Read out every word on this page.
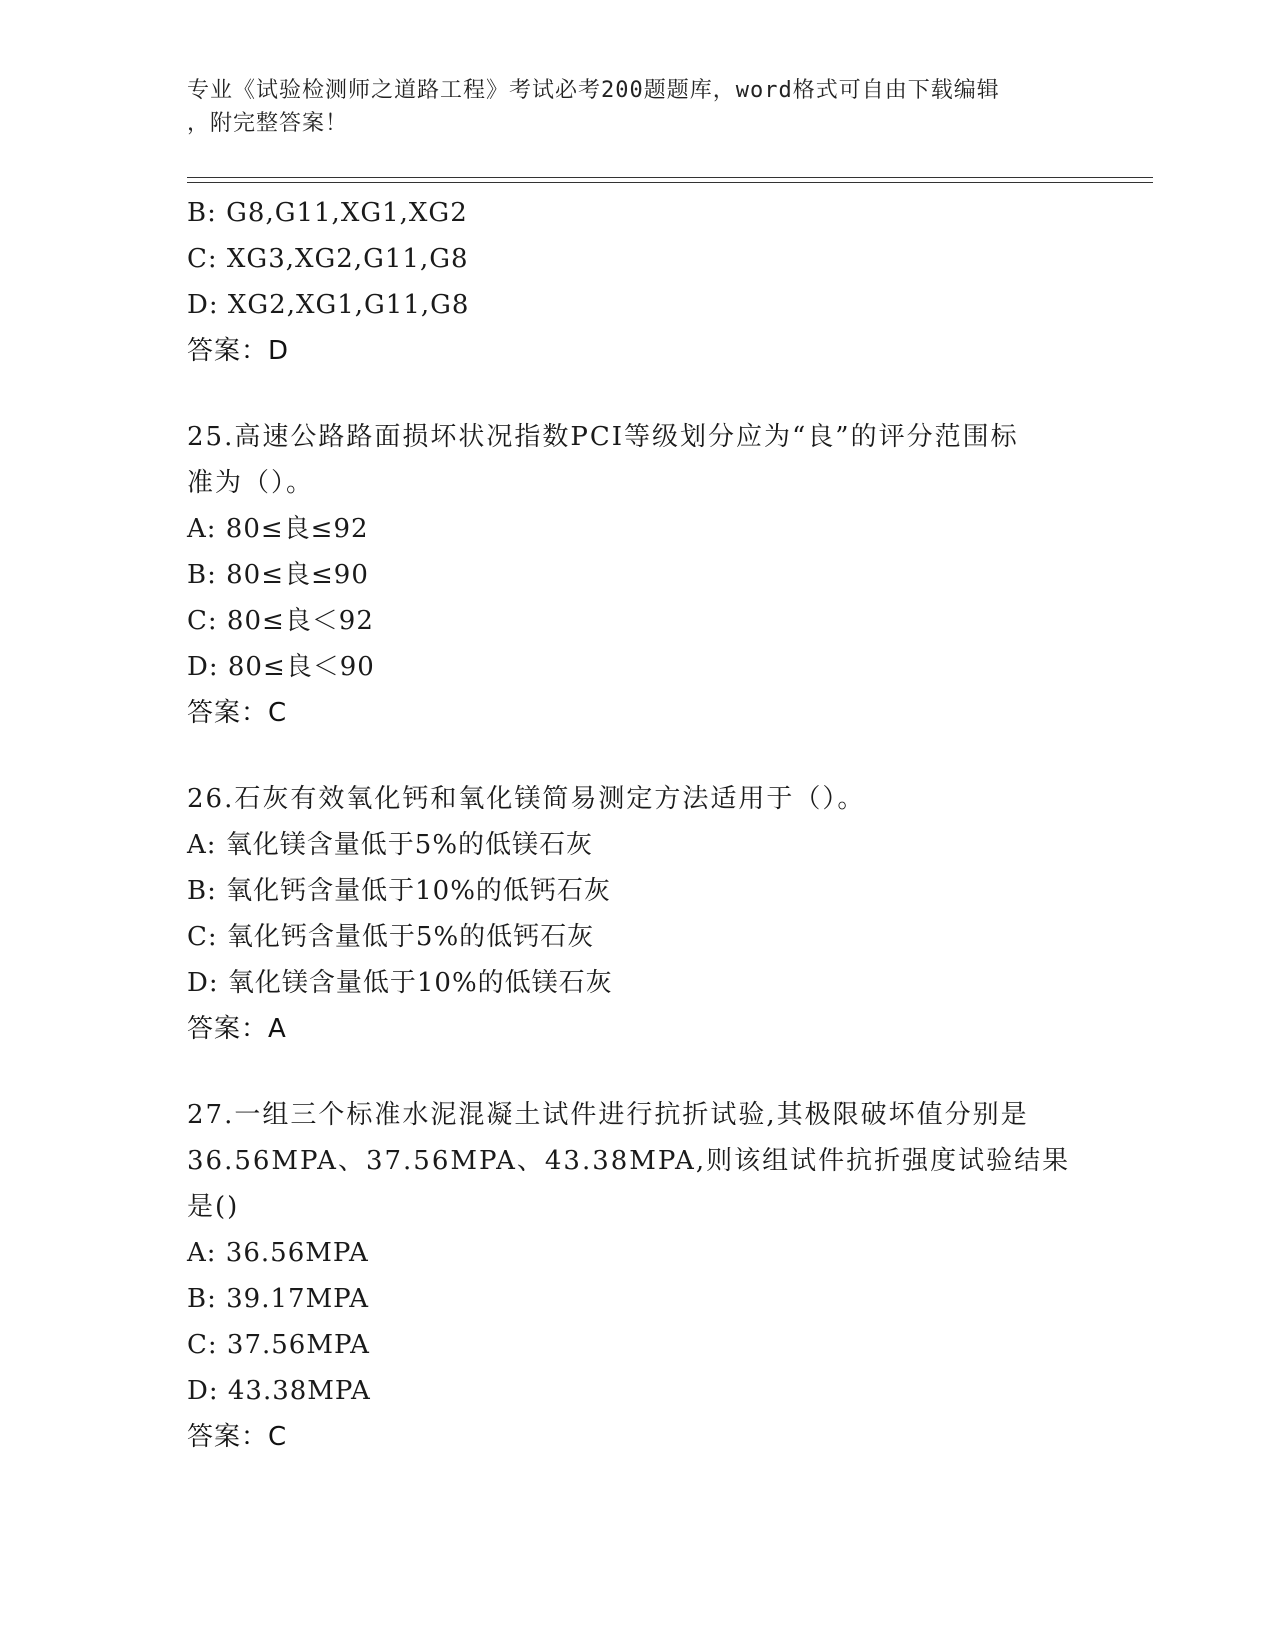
专业《试验检测师之道路工程》考试必考200题题库，word格式可自由下载编辑
，附完整答案！
B: G8,G11,XG1,XG2
C: XG3,XG2,G11,G8
D: XG2,XG1,G11,G8
答案：D
25.高速公路路面损坏状况指数PCI等级划分应为“良”的评分范围标
准为（）。
A: 80≤良≤92
B: 80≤良≤90
C: 80≤良＜92
D: 80≤良＜90
答案：C
26.石灰有效氧化钙和氧化镁简易测定方法适用于（）。
A: 氧化镁含量低于5%的低镁石灰
B: 氧化钙含量低于10%的低钙石灰
C: 氧化钙含量低于5%的低钙石灰
D: 氧化镁含量低于10%的低镁石灰
答案：A
27.一组三个标准水泥混凝土试件进行抗折试验,其极限破坏值分别是
36.56MPA、37.56MPA、43.38MPA,则该组试件抗折强度试验结果是()
A: 36.56MPA
B: 39.17MPA
C: 37.56MPA
D: 43.38MPA
答案：C
